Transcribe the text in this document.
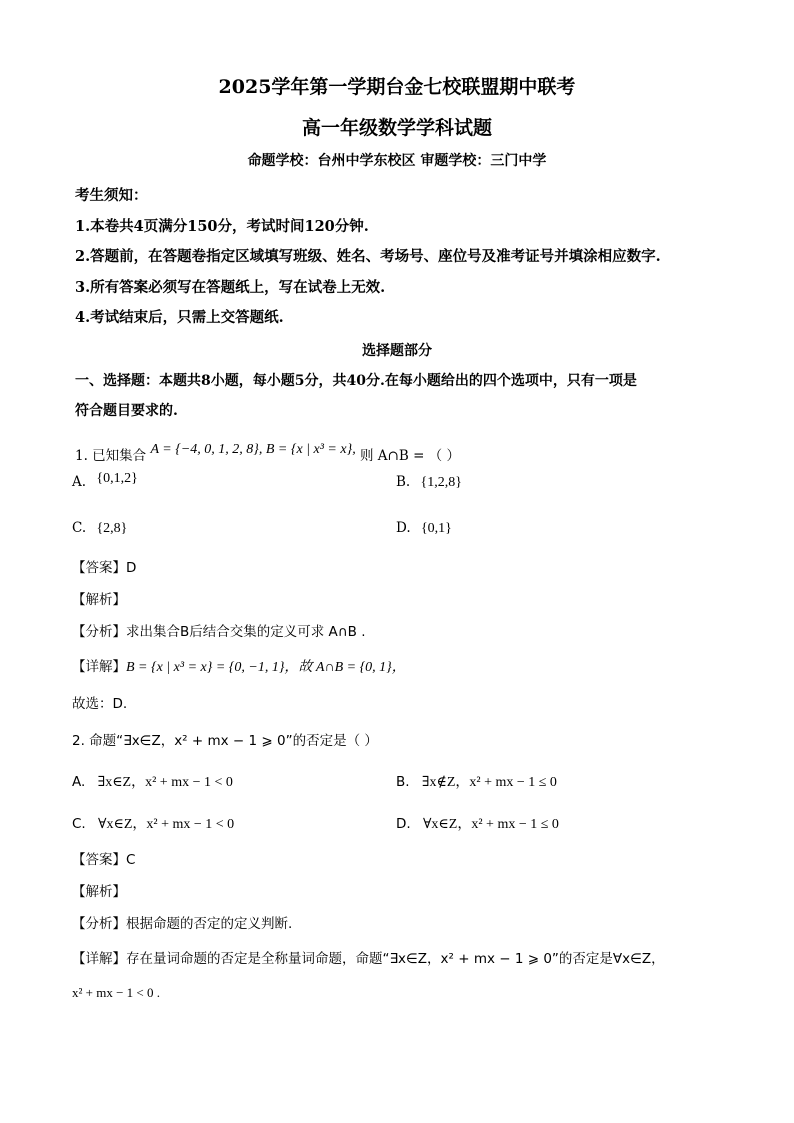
2025学年第一学期台金七校联盟期中联考
高一年级数学学科试题
命题学校：台州中学东校区 审题学校：三门中学
考生须知：
1.本卷共4页满分150分，考试时间120分钟.
2.答题前，在答题卷指定区域填写班级、姓名、考场号、座位号及准考证号并填涂相应数字.
3.所有答案必须写在答题纸上，写在试卷上无效.
4.考试结束后，只需上交答题纸.
选择题部分
一、选择题：本题共8小题，每小题5分，共40分.在每小题给出的四个选项中，只有一项是
符合题目要求的.
1. 已知集合 A = {−4, 0, 1, 2, 8}, B = {x | x³ = x}, 则 A∩B = （ ）
A. {0,1,2}	B. {1,2,8}
C. {2,8}	D. {0,1}
【答案】D
【解析】
【分析】求出集合B后结合交集的定义可求 A∩B .
【详解】B = {x | x³ = x} = {0, −1, 1}，故 A∩B = {0, 1}，
故选：D.
2. 命题“∃x∈Z，x² + mx − 1 ⩾ 0”的否定是（ ）
A. ∃x∈Z，x² + mx − 1 < 0	B. ∃x∉Z，x² + mx − 1 ≤ 0
C. ∀x∈Z，x² + mx − 1 < 0	D. ∀x∈Z，x² + mx − 1 ≤ 0
【答案】C
【解析】
【分析】根据命题的否定的定义判断.
【详解】存在量词命题的否定是全称量词命题，命题“∃x∈Z，x² + mx − 1 ⩾ 0”的否定是∀x∈Z，
x² + mx − 1 < 0 .
